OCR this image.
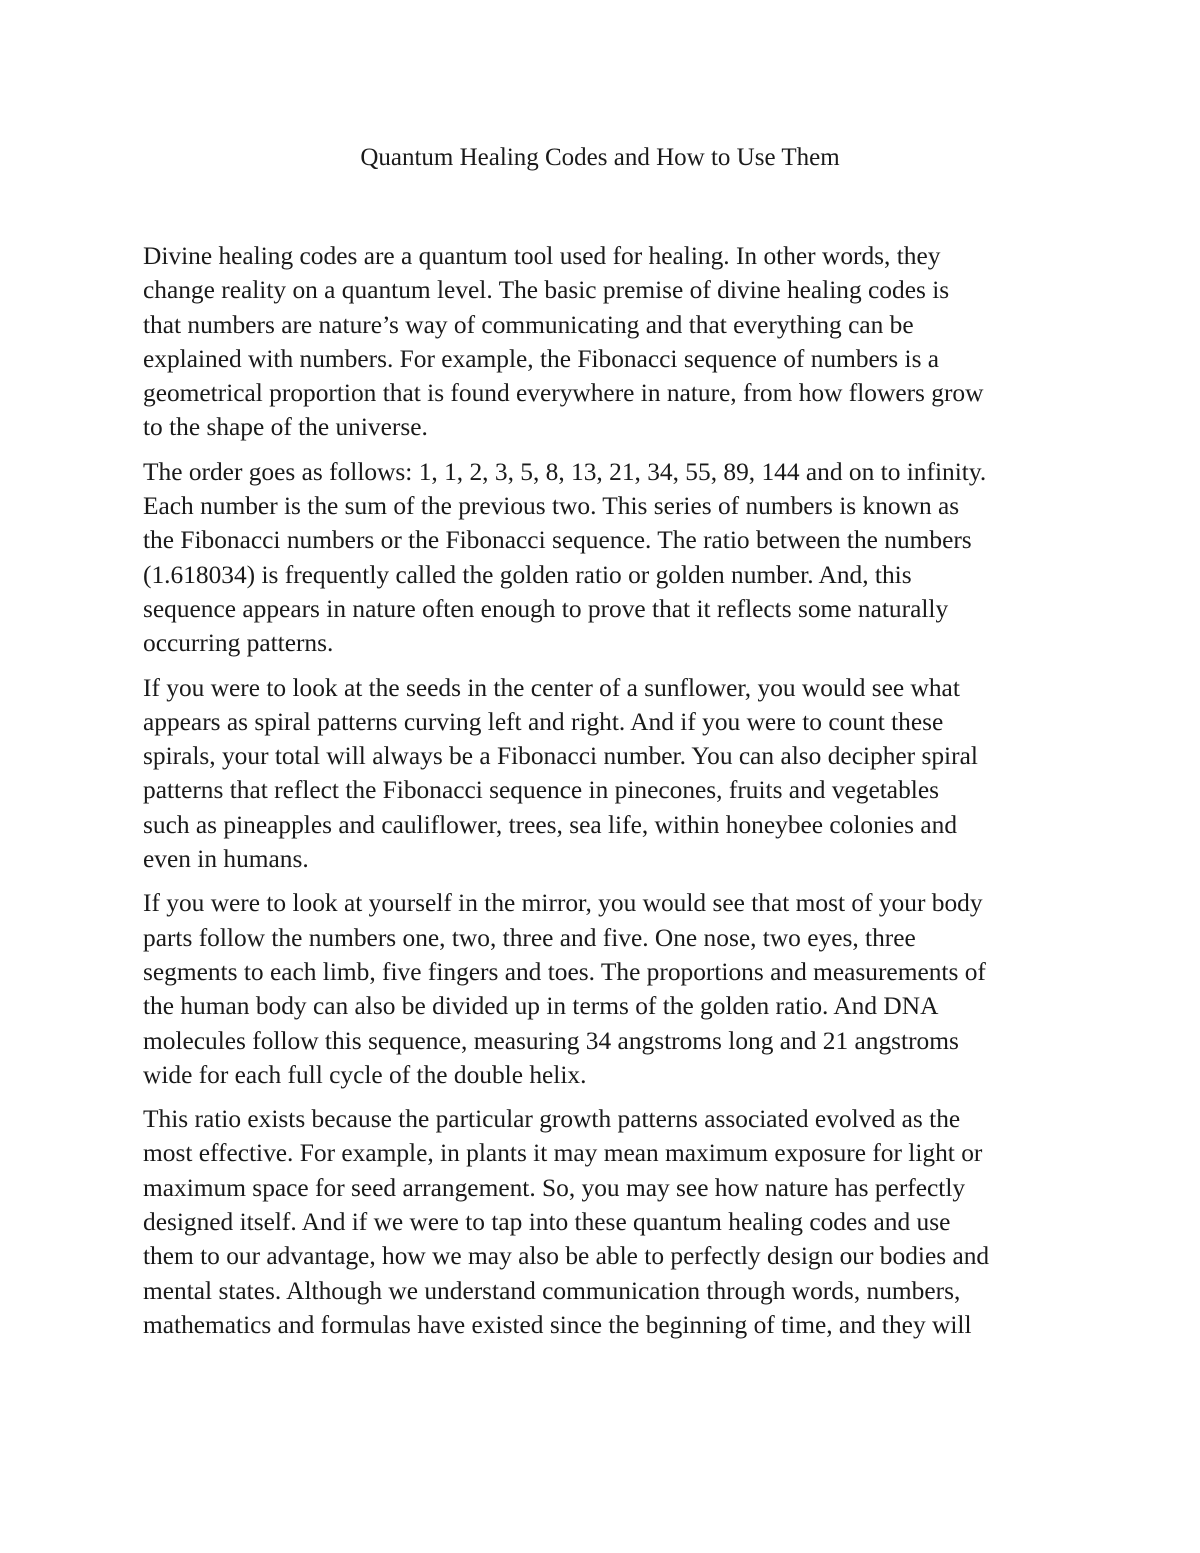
Quantum Healing Codes and How to Use Them

Divine healing codes are a quantum tool used for healing. In other words, they
change reality on a quantum level. The basic premise of divine healing codes is
that numbers are nature’s way of communicating and that everything can be
explained with numbers. For example, the Fibonacci sequence of numbers is a
geometrical proportion that is found everywhere in nature, from how flowers grow
to the shape of the universe.

The order goes as follows: 1, 1, 2, 3, 5, 8, 13, 21, 34, 55, 89, 144 and on to infinity.
Each number is the sum of the previous two. This series of numbers is known as
the Fibonacci numbers or the Fibonacci sequence. The ratio between the numbers
(1.618034) is frequently called the golden ratio or golden number. And, this
sequence appears in nature often enough to prove that it reflects some naturally
occurring patterns.

If you were to look at the seeds in the center of a sunflower, you would see what
appears as spiral patterns curving left and right. And if you were to count these
spirals, your total will always be a Fibonacci number. You can also decipher spiral
patterns that reflect the Fibonacci sequence in pinecones, fruits and vegetables
such as pineapples and cauliflower, trees, sea life, within honeybee colonies and
even in humans.

If you were to look at yourself in the mirror, you would see that most of your body
parts follow the numbers one, two, three and five. One nose, two eyes, three
segments to each limb, five fingers and toes. The proportions and measurements of
the human body can also be divided up in terms of the golden ratio. And DNA
molecules follow this sequence, measuring 34 angstroms long and 21 angstroms
wide for each full cycle of the double helix.

This ratio exists because the particular growth patterns associated evolved as the
most effective. For example, in plants it may mean maximum exposure for light or
maximum space for seed arrangement. So, you may see how nature has perfectly
designed itself. And if we were to tap into these quantum healing codes and use
them to our advantage, how we may also be able to perfectly design our bodies and
mental states. Although we understand communication through words, numbers,
mathematics and formulas have existed since the beginning of time, and they will
